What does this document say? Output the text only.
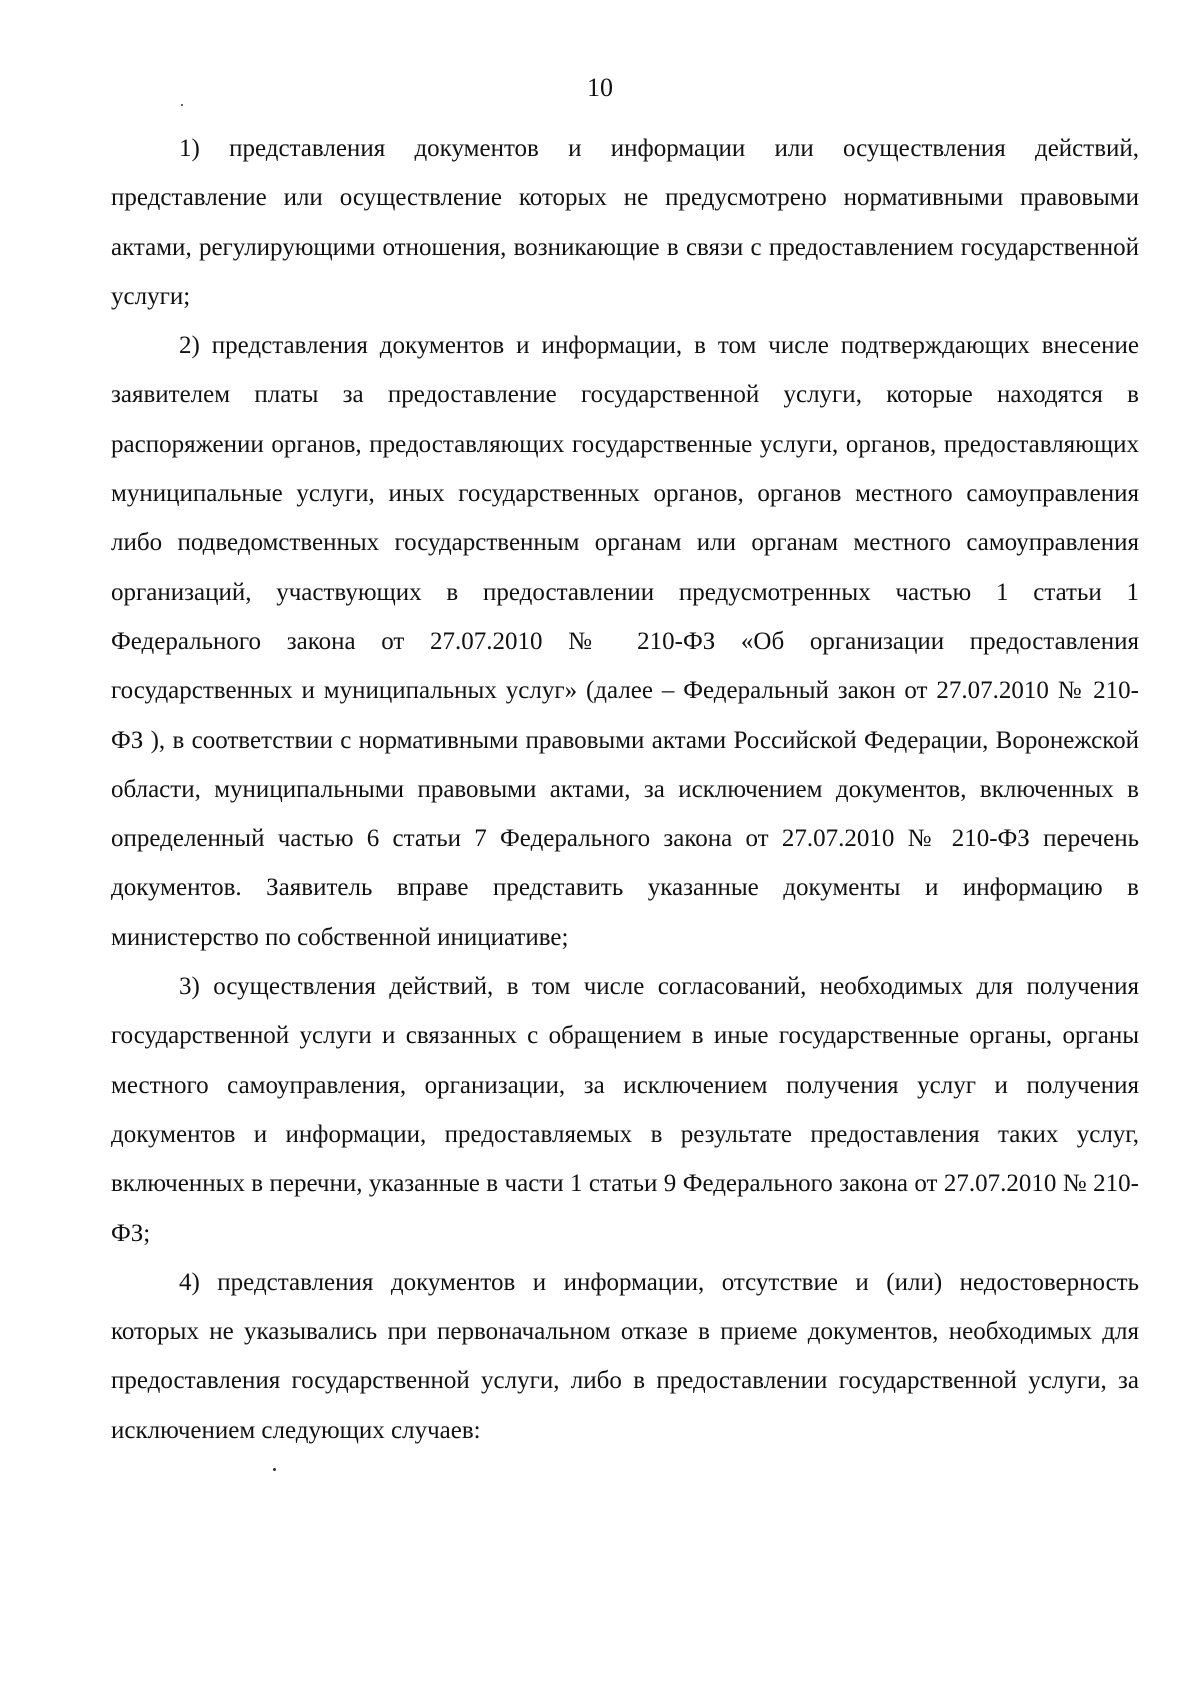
10

1) представления документов и информации или осуществления действий, представление или осуществление которых не предусмотрено нормативными правовыми актами, регулирующими отношения, возникающие в связи с предоставлением государственной услуги;

2) представления документов и информации, в том числе подтверждающих внесение заявителем платы за предоставление государственной услуги, которые находятся в распоряжении органов, предоставляющих государственные услуги, органов, предоставляющих муниципальные услуги, иных государственных органов, органов местного самоуправления либо подведомственных государственным органам или органам местного самоуправления организаций, участвующих в предоставлении предусмотренных частью 1 статьи 1 Федерального закона от 27.07.2010 № 210-ФЗ «Об организации предоставления государственных и муниципальных услуг» (далее – Федеральный закон от 27.07.2010 № 210-ФЗ ), в соответствии с нормативными правовыми актами Российской Федерации, Воронежской области, муниципальными правовыми актами, за исключением документов, включенных в определенный частью 6 статьи 7 Федерального закона от 27.07.2010 № 210-ФЗ перечень документов. Заявитель вправе представить указанные документы и информацию в министерство по собственной инициативе;

3) осуществления действий, в том числе согласований, необходимых для получения государственной услуги и связанных с обращением в иные государственные органы, органы местного самоуправления, организации, за исключением получения услуг и получения документов и информации, предоставляемых в результате предоставления таких услуг, включенных в перечни, указанные в части 1 статьи 9 Федерального закона от 27.07.2010 № 210-ФЗ;

4) представления документов и информации, отсутствие и (или) недостоверность которых не указывались при первоначальном отказе в приеме документов, необходимых для предоставления государственной услуги, либо в предоставлении государственной услуги, за исключением следующих случаев:
